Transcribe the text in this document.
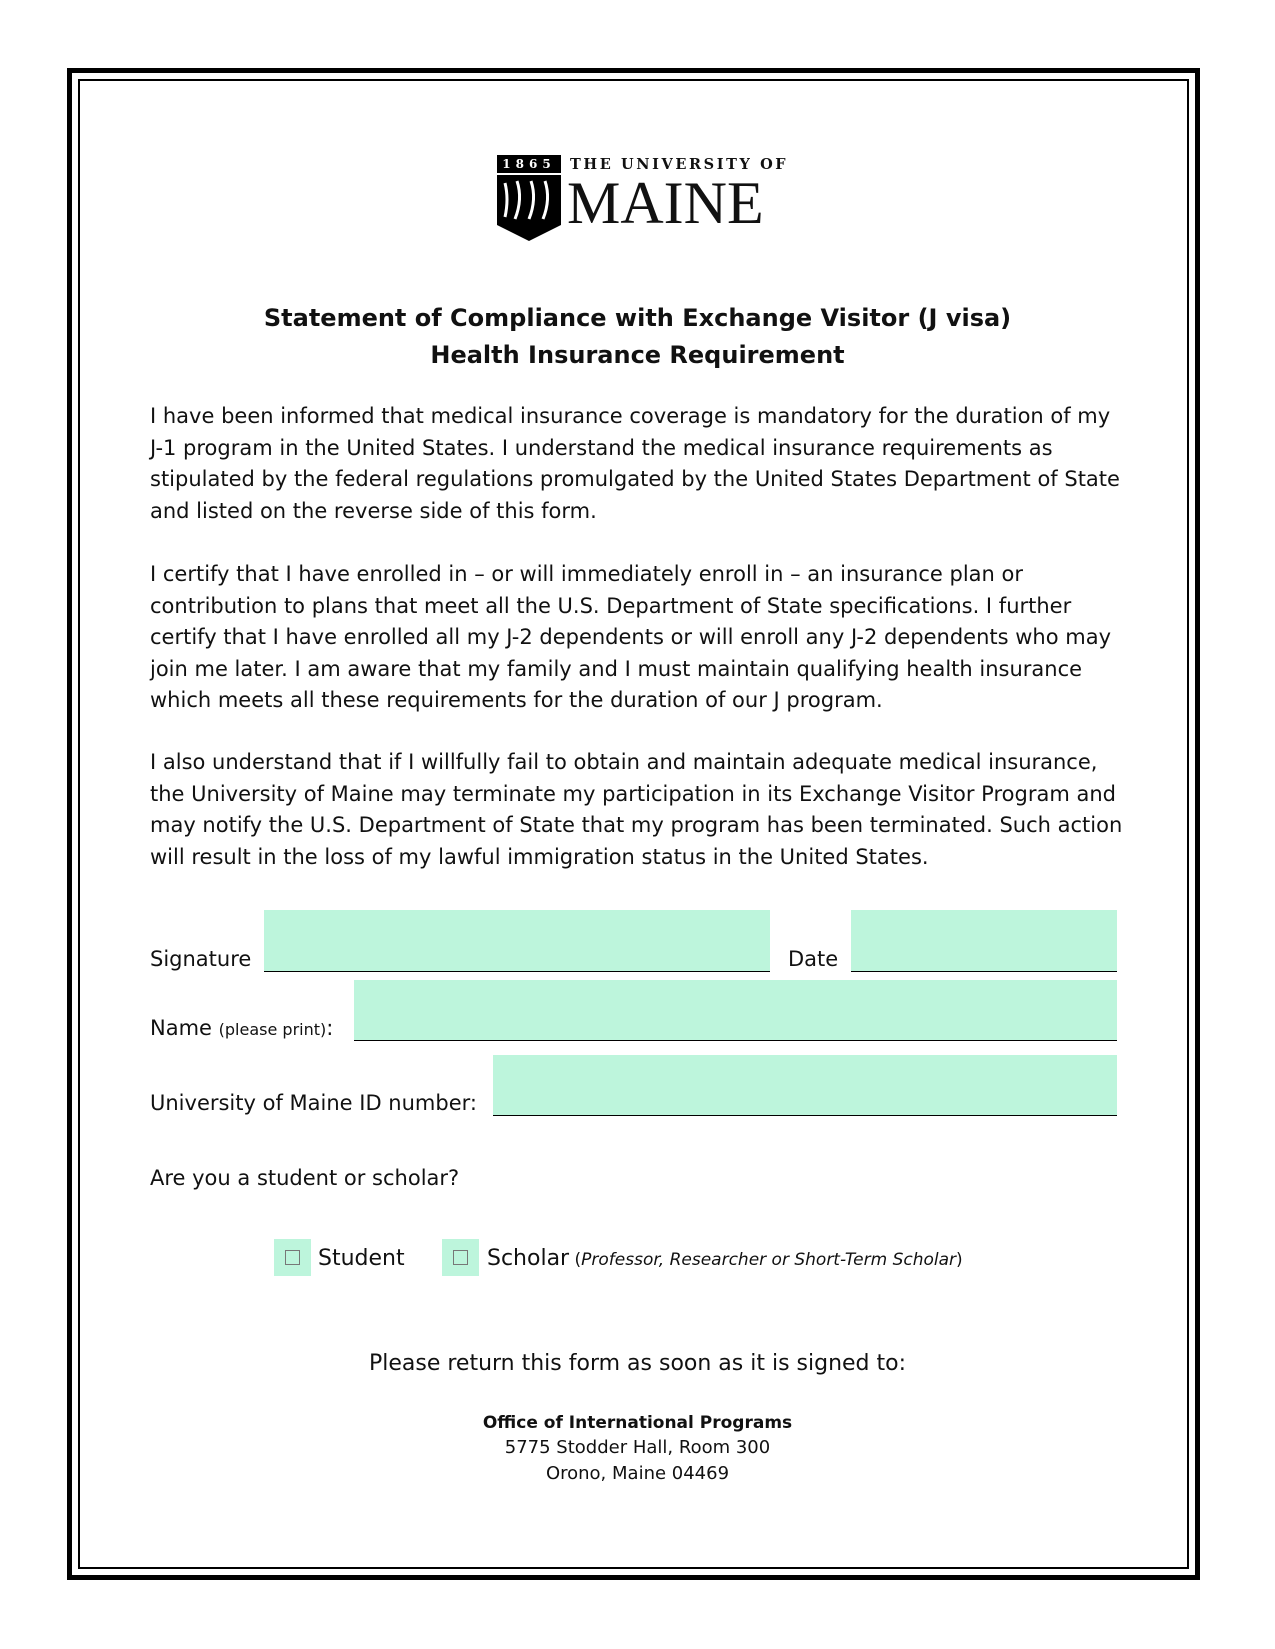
1865 THE UNIVERSITY OF
MAINE
Statement of Compliance with Exchange Visitor (J visa)
Health Insurance Requirement
I have been informed that medical insurance coverage is mandatory for the duration of my
J-1 program in the United States. I understand the medical insurance requirements as
stipulated by the federal regulations promulgated by the United States Department of State
and listed on the reverse side of this form.
I certify that I have enrolled in – or will immediately enroll in – an insurance plan or
contribution to plans that meet all the U.S. Department of State specifications. I further
certify that I have enrolled all my J-2 dependents or will enroll any J-2 dependents who may
join me later. I am aware that my family and I must maintain qualifying health insurance
which meets all these requirements for the duration of our J program.
I also understand that if I willfully fail to obtain and maintain adequate medical insurance,
the University of Maine may terminate my participation in its Exchange Visitor Program and
may notify the U.S. Department of State that my program has been terminated. Such action
will result in the loss of my lawful immigration status in the United States.
Signature	Date
Name (please print):
University of Maine ID number:
Are you a student or scholar?
Student	Scholar (Professor, Researcher or Short-Term Scholar)
Please return this form as soon as it is signed to:
Office of International Programs
5775 Stodder Hall, Room 300
Orono, Maine 04469
